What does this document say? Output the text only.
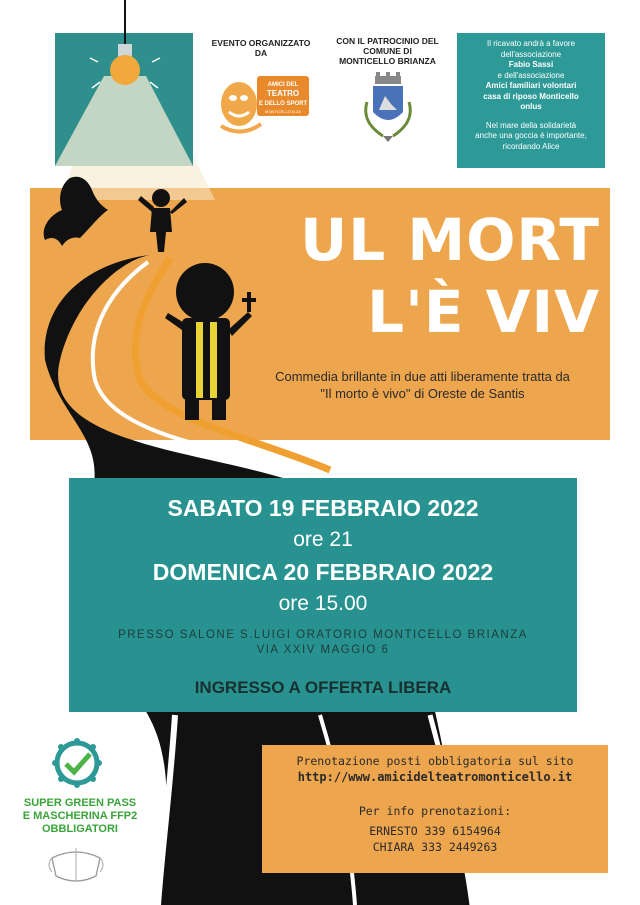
EVENTO ORGANIZZATO
DA
AMICI DEL
TEATRO
E DELLO SPORT
MONTICELLO B.ZA
CON IL PATROCINIO DEL
COMUNE DI
MONTICELLO BRIANZA

Il ricavato andrà a favore

dell'associazione

Fabio Sassi

e dell'associazione

Amici familiari volontari

casa di riposo Monticello

onlus

Nel mare della solidarietà

anche una goccia è importante,

ricordando Alice

UL MORT
L'È VIV
Commedia brillante in due atti liberamente tratta da
"Il morto è vivo" di Oreste de Santis
SABATO 19 FEBBRAIO 2022
ore 21
DOMENICA 20 FEBBRAIO 2022
ore 15.00
PRESSO SALONE S.LUIGI ORATORIO MONTICELLO BRIANZA
VIA XXIV MAGGIO 6
INGRESSO A OFFERTA LIBERA
SUPER GREEN PASS
E MASCHERINA FFP2
OBBLIGATORI
Prenotazione posti obbligatoria sul sito
http://www.amicidelteatromonticello.it
Per info prenotazioni:
ERNESTO 339 6154964
CHIARA 333 2449263
